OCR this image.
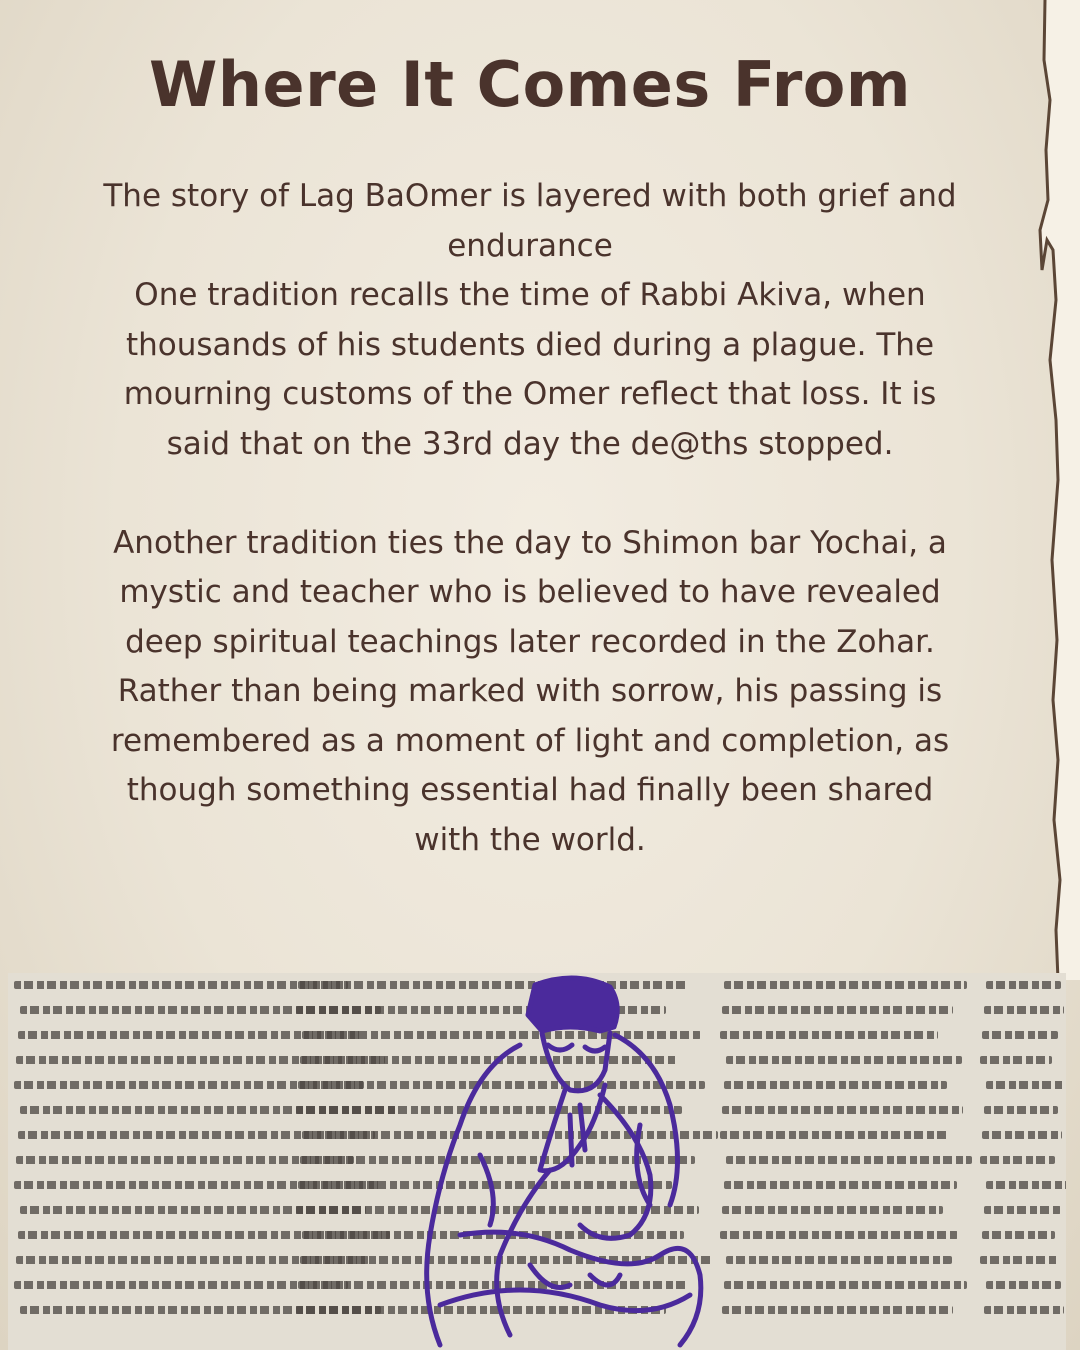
Where It Comes From

The story of Lag BaOmer is layered with both grief and endurance

One tradition recalls the time of Rabbi Akiva, when thousands of his students died during a plague. The mourning customs of the Omer reflect that loss. It is said that on the 33rd day the de@ths stopped.

Another tradition ties the day to Shimon bar Yochai, a mystic and teacher who is believed to have revealed deep spiritual teachings later recorded in the Zohar. Rather than being marked with sorrow, his passing is remembered as a moment of light and completion, as though something essential had finally been shared with the world.
